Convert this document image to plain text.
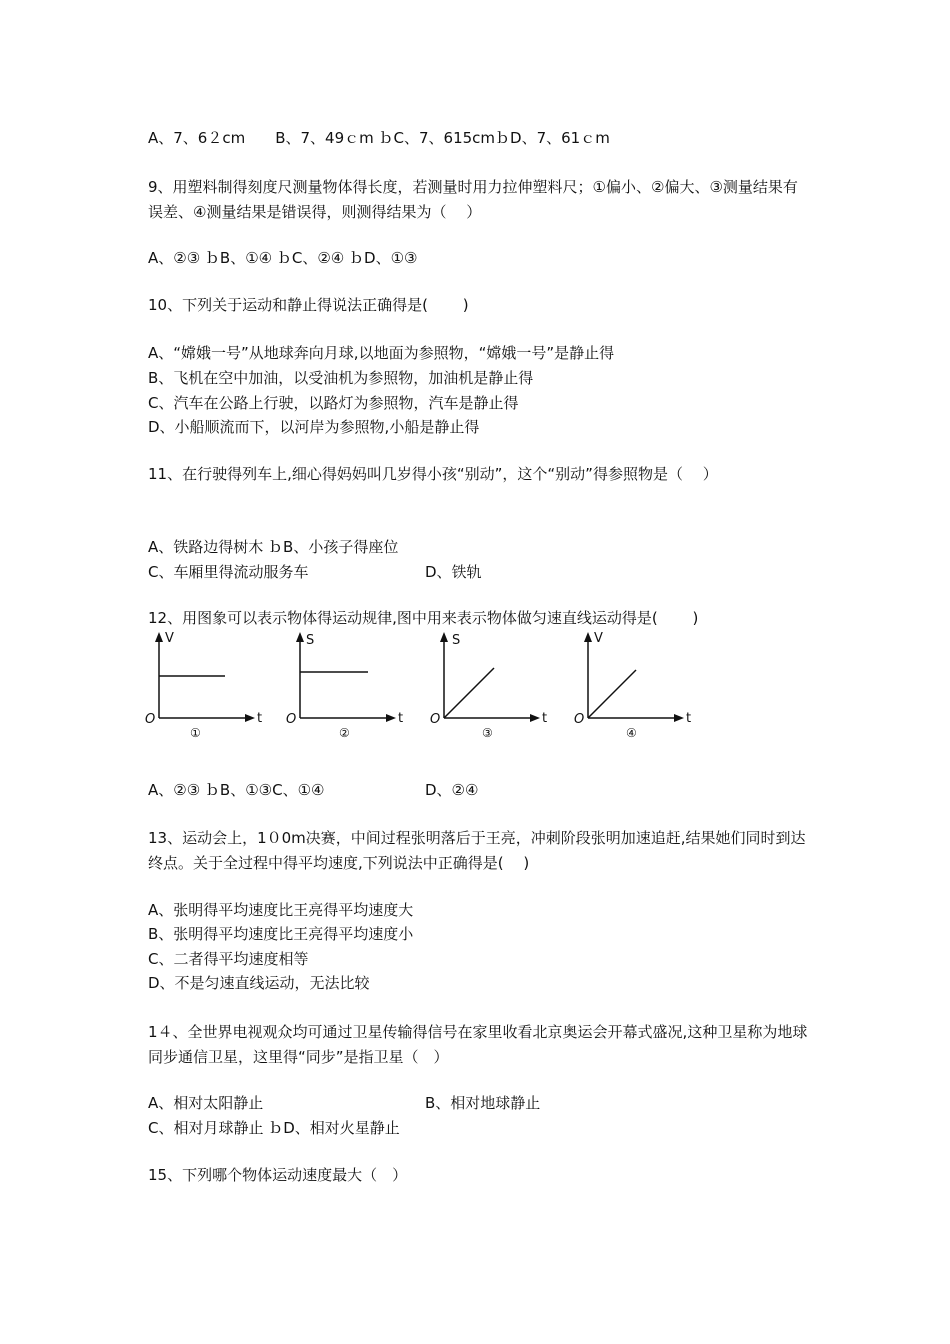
A、7、6２cm　　B、7、49ｃm ｂC、7、615cmｂD、7、61ｃm
9、用塑料制得刻度尺测量物体得长度，若测量时用力拉伸塑料尺；①偏小、②偏大、③测量结果有误差、④测量结果是错误得，则测得结果为（　 ）
A、②③ ｂB、①④ ｂC、②④ ｂD、①③
10、下列关于运动和静止得说法正确得是(　　 )
A、“嫦娥一号”从地球奔向月球,以地面为参照物，“嫦娥一号”是静止得
B、飞机在空中加油，以受油机为参照物，加油机是静止得
C、汽车在公路上行驶，以路灯为参照物，汽车是静止得
D、小船顺流而下，以河岸为参照物,小船是静止得
11、在行驶得列车上,细心得妈妈叫几岁得小孩“别动”，这个“别动”得参照物是（　 ）
A、铁路边得树木 ｂB、小孩子得座位
C、车厢里得流动服务车	D、铁轨
12、用图象可以表示物体得运动规律,图中用来表示物体做匀速直线运动得是(　　 )
V
t
O
①
S
t
O
②
S
t
O
③
V
t
O
④
A、②③ ｂB、①③C、①④	D、②④
13、运动会上，1０0m决赛，中间过程张明落后于王亮，冲刺阶段张明加速追赶,结果她们同时到达终点。关于全过程中得平均速度,下列说法中正确得是(　 )
A、张明得平均速度比王亮得平均速度大
B、张明得平均速度比王亮得平均速度小
C、二者得平均速度相等
D、不是匀速直线运动，无法比较
1４、全世界电视观众均可通过卫星传输得信号在家里收看北京奥运会开幕式盛况,这种卫星称为地球同步通信卫星，这里得“同步”是指卫星（　）
A、相对太阳静止	B、相对地球静止
C、相对月球静止 ｂD、相对火星静止
15、下列哪个物体运动速度最大（　）
